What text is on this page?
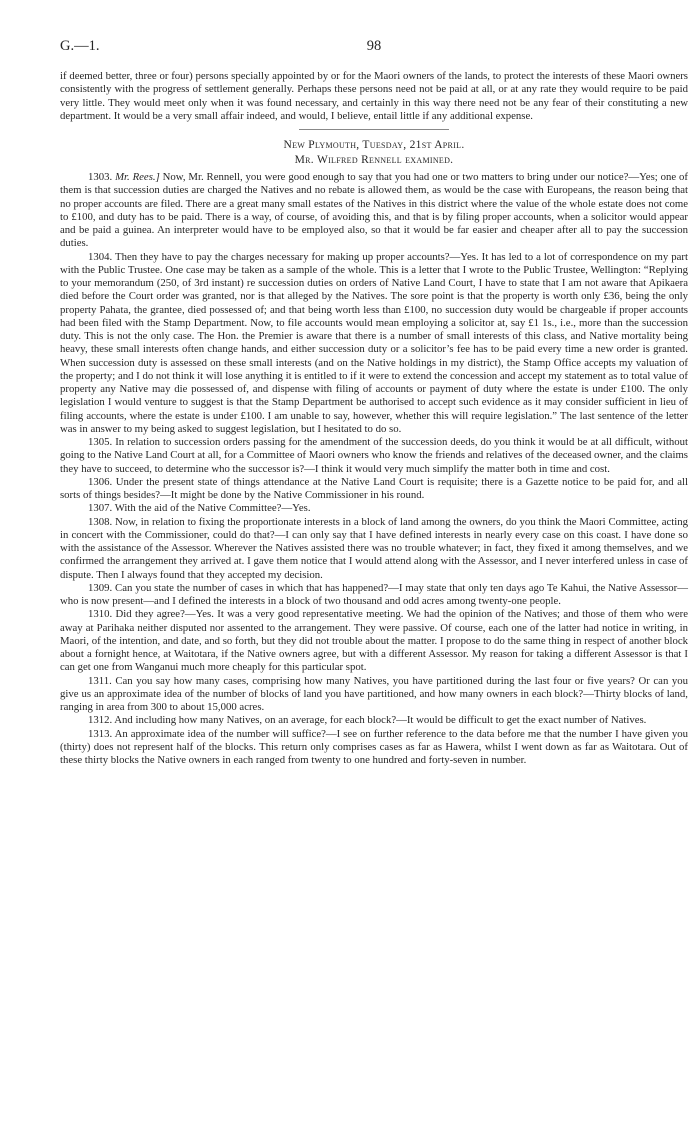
G.—1.	98

if deemed better, three or four) persons specially appointed by or for the Maori owners of the lands, to protect the interests of these Maori owners consistently with the progress of settlement generally. Perhaps these persons need not be paid at all, or at any rate they would require to be paid very little. They would meet only when it was found necessary, and certainly in this way there need not be any fear of their constituting a new department. It would be a very small affair indeed, and would, I believe, entail little if any additional expense.

New Plymouth, Tuesday, 21st April.
Mr. Wilfred Rennell examined.

1303. Mr. Rees.] Now, Mr. Rennell, you were good enough to say that you had one or two matters to bring under our notice?—Yes; one of them is that succession duties are charged the Natives and no rebate is allowed them, as would be the case with Europeans, the reason being that no proper accounts are filed. There are a great many small estates of the Natives in this district where the value of the whole estate does not come to £100, and duty has to be paid. There is a way, of course, of avoiding this, and that is by filing proper accounts, when a solicitor would appear and be paid a guinea. An interpreter would have to be employed also, so that it would be far easier and cheaper after all to pay the succession duties.

1304. Then they have to pay the charges necessary for making up proper accounts?—Yes. It has led to a lot of correspondence on my part with the Public Trustee. One case may be taken as a sample of the whole. This is a letter that I wrote to the Public Trustee, Wellington: “Replying to your memorandum (250, of 3rd instant) re succession duties on orders of Native Land Court, I have to state that I am not aware that Apikaera died before the Court order was granted, nor is that alleged by the Natives. The sore point is that the property is worth only £36, being the only property Pahata, the grantee, died possessed of; and that being worth less than £100, no succession duty would be chargeable if proper accounts had been filed with the Stamp Department. Now, to file accounts would mean employing a solicitor at, say £1 1s., i.e., more than the succession duty. This is not the only case. The Hon. the Premier is aware that there is a number of small interests of this class, and Native mortality being heavy, these small interests often change hands, and either succession duty or a solicitor’s fee has to be paid every time a new order is granted. When succession duty is assessed on these small interests (and on the Native holdings in my district), the Stamp Office accepts my valuation of the property; and I do not think it will lose anything it is entitled to if it were to extend the concession and accept my statement as to total value of property any Native may die possessed of, and dispense with filing of accounts or payment of duty where the estate is under £100. The only legislation I would venture to suggest is that the Stamp Department be authorised to accept such evidence as it may consider sufficient in lieu of filing accounts, where the estate is under £100. I am unable to say, however, whether this will require legislation.” The last sentence of the letter was in answer to my being asked to suggest legislation, but I hesitated to do so.

1305. In relation to succession orders passing for the amendment of the succession deeds, do you think it would be at all difficult, without going to the Native Land Court at all, for a Committee of Maori owners who know the friends and relatives of the deceased owner, and the claims they have to succeed, to determine who the successor is?—I think it would very much simplify the matter both in time and cost.

1306. Under the present state of things attendance at the Native Land Court is requisite; there is a Gazette notice to be paid for, and all sorts of things besides?—It might be done by the Native Commissioner in his round.

1307. With the aid of the Native Committee?—Yes.

1308. Now, in relation to fixing the proportionate interests in a block of land among the owners, do you think the Maori Committee, acting in concert with the Commissioner, could do that?—I can only say that I have defined interests in nearly every case on this coast. I have done so with the assistance of the Assessor. Wherever the Natives assisted there was no trouble whatever; in fact, they fixed it among themselves, and we confirmed the arrangement they arrived at. I gave them notice that I would attend along with the Assessor, and I never interfered unless in case of dispute. Then I always found that they accepted my decision.

1309. Can you state the number of cases in which that has happened?—I may state that only ten days ago Te Kahui, the Native Assessor—who is now present—and I defined the interests in a block of two thousand and odd acres among twenty-one people.

1310. Did they agree?—Yes. It was a very good representative meeting. We had the opinion of the Natives; and those of them who were away at Parihaka neither disputed nor assented to the arrangement. They were passive. Of course, each one of the latter had notice in writing, in Maori, of the intention, and date, and so forth, but they did not trouble about the matter. I propose to do the same thing in respect of another block about a fornight hence, at Waitotara, if the Native owners agree, but with a different Assessor. My reason for taking a different Assessor is that I can get one from Wanganui much more cheaply for this particular spot.

1311. Can you say how many cases, comprising how many Natives, you have partitioned during the last four or five years? Or can you give us an approximate idea of the number of blocks of land you have partitioned, and how many owners in each block?—Thirty blocks of land, ranging in area from 300 to about 15,000 acres.

1312. And including how many Natives, on an average, for each block?—It would be difficult to get the exact number of Natives.

1313. An approximate idea of the number will suffice?—I see on further reference to the data before me that the number I have given you (thirty) does not represent half of the blocks. This return only comprises cases as far as Hawera, whilst I went down as far as Waitotara. Out of these thirty blocks the Native owners in each ranged from twenty to one hundred and forty-seven in number.
